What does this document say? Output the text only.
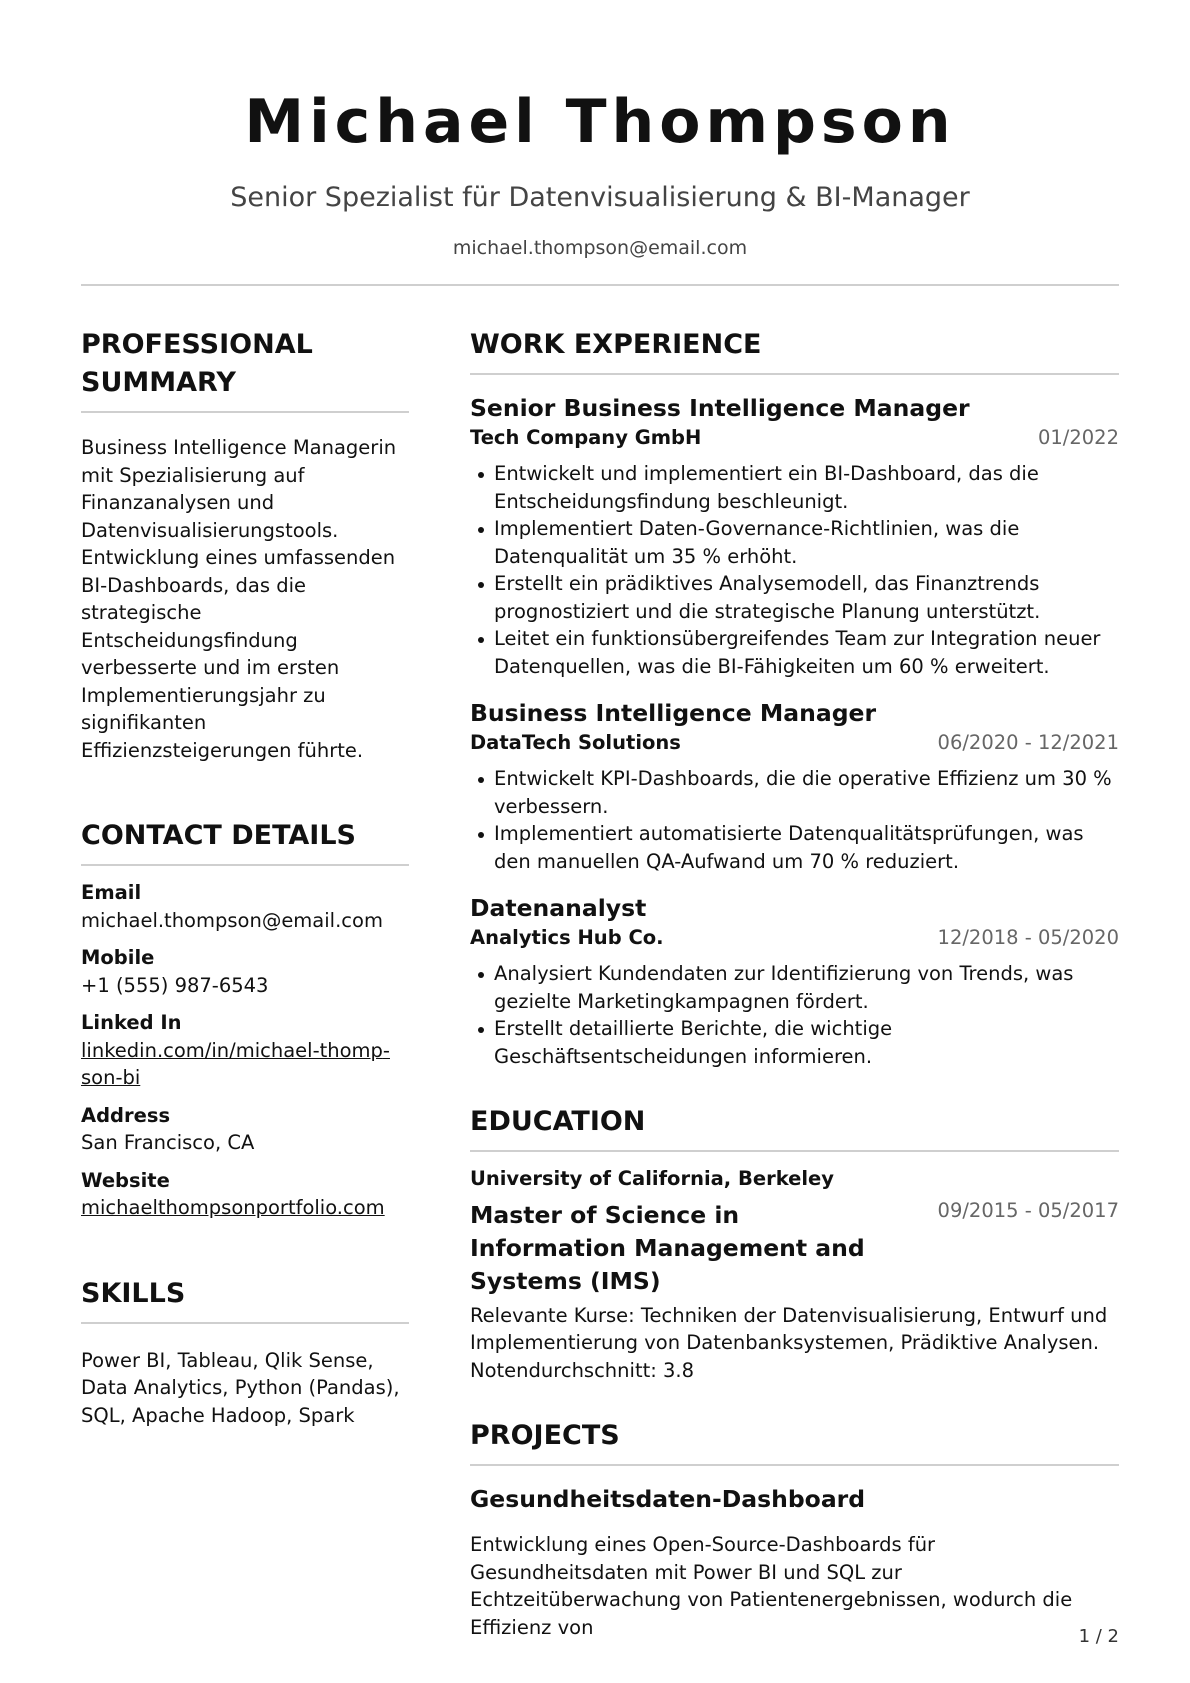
Michael Thompson
Senior Spezialist für Datenvisualisierung & BI-Manager
michael.thompson@email.com
PROFESSIONAL SUMMARY

Business Intelligence Managerin mit Spezialisierung auf Finanzanalysen und Datenvisualisierungstools. Entwicklung eines umfassenden BI-Dashboards, das die strategische Entscheidungsfindung verbesserte und im ersten Implementierungsjahr zu signifikanten Effizienzsteigerungen führte.

CONTACT DETAILS
Email
michael.thompson@email.com
Mobile
+1 (555) 987-6543
Linked In
linkedin.com/in/michael-thompson-bi
Address
San Francisco, CA
Website
michaelthompsonportfolio.com
SKILLS

Power BI, Tableau, Qlik Sense, Data Analytics, Python (Pandas), SQL, Apache Hadoop, Spark

WORK EXPERIENCE
Senior Business Intelligence Manager
Tech Company GmbH	01/2022
Entwickelt und implementiert ein BI-Dashboard, das die Entscheidungsfindung beschleunigt.
Implementiert Daten-Governance-Richtlinien, was die Datenqualität um 35 % erhöht.
Erstellt ein prädiktives Analysemodell, das Finanztrends prognostiziert und die strategische Planung unterstützt.
Leitet ein funktionsübergreifendes Team zur Integration neuer Datenquellen, was die BI-Fähigkeiten um 60 % erweitert.
Business Intelligence Manager
DataTech Solutions	06/2020 - 12/2021
Entwickelt KPI-Dashboards, die die operative Effizienz um 30 % verbessern.
Implementiert automatisierte Datenqualitätsprüfungen, was den manuellen QA-Aufwand um 70 % reduziert.
Datenanalyst
Analytics Hub Co.	12/2018 - 05/2020
Analysiert Kundendaten zur Identifizierung von Trends, was gezielte Marketingkampagnen fördert.
Erstellt detaillierte Berichte, die wichtige Geschäftsentscheidungen informieren.
EDUCATION
University of California, Berkeley
Master of Science in Information Management and Systems (IMS)
09/2015 - 05/2017

Relevante Kurse: Techniken der Datenvisualisierung, Entwurf und Implementierung von Datenbanksystemen, Prädiktive Analysen. Notendurchschnitt: 3.8

PROJECTS
Gesundheitsdaten-Dashboard

Entwicklung eines Open-Source-Dashboards für Gesundheitsdaten mit Power BI und SQL zur Echtzeitüberwachung von Patientenergebnissen, wodurch die Effizienz von	1 / 2
